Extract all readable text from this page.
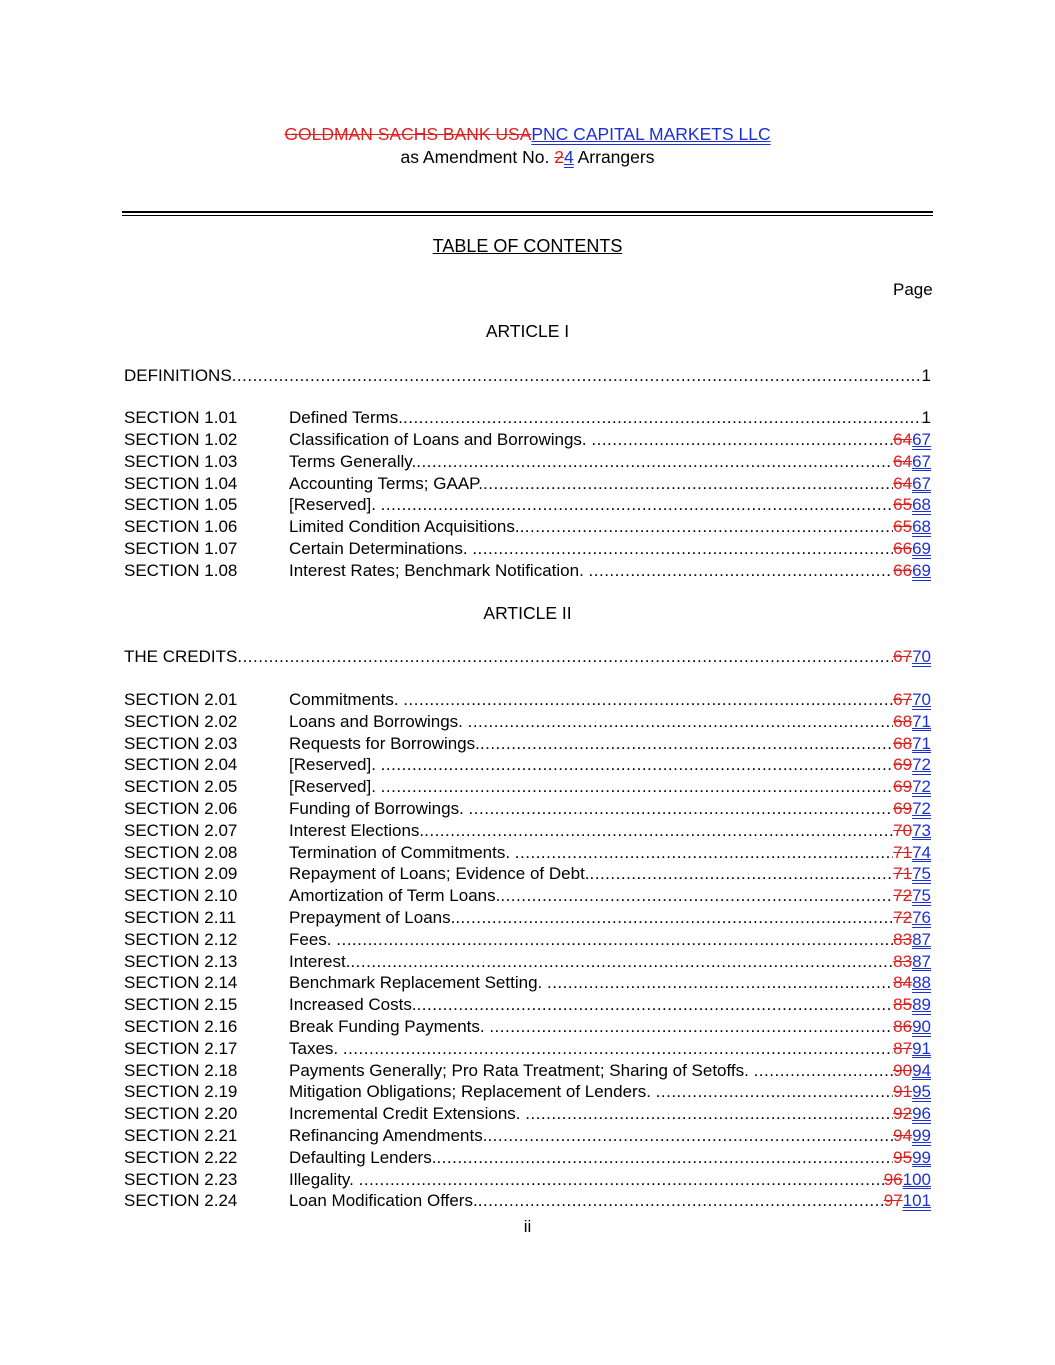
GOLDMAN SACHS BANK USAPNC CAPITAL MARKETS LLC
as Amendment No. 24 Arrangers
TABLE OF CONTENTS
Page
ARTICLE I
DEFINITIONS .....	1
SECTION 1.01	Defined Terms. .....	1
SECTION 1.02	Classification of Loans and Borrowings. .....	6467
SECTION 1.03	Terms Generally. .....	6467
SECTION 1.04	Accounting Terms; GAAP. .....	6467
SECTION 1.05	[Reserved]. .....	6568
SECTION 1.06	Limited Condition Acquisitions. .....	6568
SECTION 1.07	Certain Determinations. .....	6669
SECTION 1.08	Interest Rates; Benchmark Notification. .....	6669
ARTICLE II
THE CREDITS .....	6770
SECTION 2.01	Commitments. .....	6770
SECTION 2.02	Loans and Borrowings. .....	6871
SECTION 2.03	Requests for Borrowings. .....	6871
SECTION 2.04	[Reserved]. .....	6972
SECTION 2.05	[Reserved]. .....	6972
SECTION 2.06	Funding of Borrowings. .....	6972
SECTION 2.07	Interest Elections. .....	7073
SECTION 2.08	Termination of Commitments. .....	7174
SECTION 2.09	Repayment of Loans; Evidence of Debt. .....	7175
SECTION 2.10	Amortization of Term Loans. .....	7275
SECTION 2.11	Prepayment of Loans. .....	7276
SECTION 2.12	Fees. .....	8387
SECTION 2.13	Interest. .....	8387
SECTION 2.14	Benchmark Replacement Setting. .....	8488
SECTION 2.15	Increased Costs. .....	8589
SECTION 2.16	Break Funding Payments. .....	8690
SECTION 2.17	Taxes. .....	8791
SECTION 2.18	Payments Generally; Pro Rata Treatment; Sharing of Setoffs. .....	9094
SECTION 2.19	Mitigation Obligations; Replacement of Lenders. .....	9195
SECTION 2.20	Incremental Credit Extensions. .....	9296
SECTION 2.21	Refinancing Amendments. .....	9499
SECTION 2.22	Defaulting Lenders. .....	9599
SECTION 2.23	Illegality. .....	96100
SECTION 2.24	Loan Modification Offers. .....	97101
ii
